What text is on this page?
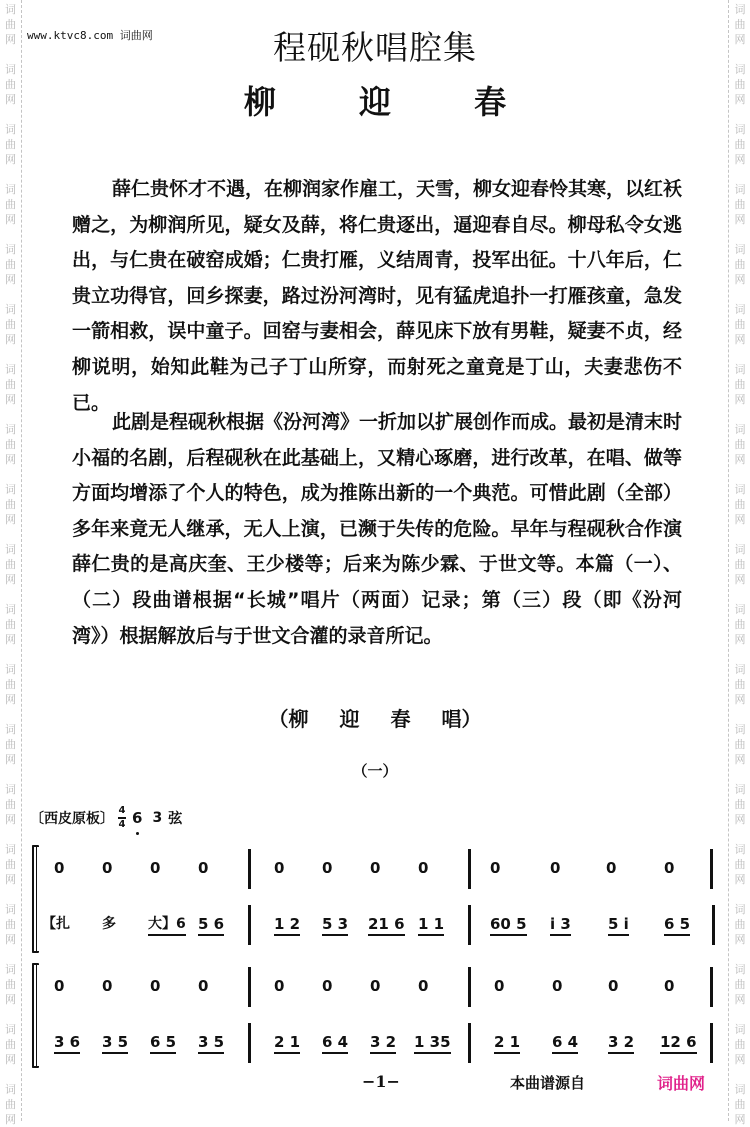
词
曲
网
词
曲
网
词
曲
网
词
曲
网
词
曲
网
词
曲
网
词
曲
网
词
曲
网
词
曲
网
词
曲
网
词
曲
网
词
曲
网
词
曲
网
词
曲
网
词
曲
网
词
曲
网
词
曲
网
词
曲
网
词
曲
网
词
曲
网
词
曲
网
词
曲
网
词
曲
网
词
曲
网
词
曲
网
词
曲
网
词
曲
网
词
曲
网
词
曲
网
词
曲
网
词
曲
网
词
曲
网
词
曲
网
词
曲
网
词
曲
网
词
曲
网
词
曲
网
词
曲
网
www.ktvc8.com 词曲网	程砚秋唱腔集
柳	迎	春
薛仁贵怀才不遇，在柳润家作雇工，天雪，柳女迎春怜其寒，以红袄赠之，为柳润所见，疑女及薛，将仁贵逐出，逼迎春自尽。柳母私令女逃出，与仁贵在破窑成婚；仁贵打雁，义结周青，投军出征。十八年后，仁贵立功得官，回乡探妻，路过汾河湾时，见有猛虎追扑一打雁孩童，急发一箭相救，误中童子。回窑与妻相会，薛见床下放有男鞋，疑妻不贞，经柳说明，始知此鞋为己子丁山所穿，而射死之童竟是丁山，夫妻悲伤不已。
此剧是程砚秋根据《汾河湾》一折加以扩展创作而成。最初是清末时小福的名剧，后程砚秋在此基础上，又精心琢磨，进行改革，在唱、做等方面均增添了个人的特色，成为推陈出新的一个典范。可惜此剧（全部）多年来竟无人继承，无人上演，已濒于失传的危险。早年与程砚秋合作演薛仁贵的是高庆奎、王少楼等；后来为陈少霖、于世文等。本篇（一）、（二）段曲谱根据“长城”唱片（两面）记录；第（三）段（即《汾河湾》）根据解放后与于世文合灌的录音所记。
（柳 迎 春 唱）
（一）
〔西皮原板〕
4
4 6 3 弦
0	0	0	0	0	0	0	0	0	0	0	0
【扎 多 大】6 5 6	1 2 5 3 21 6 1 1	60 5 i 3 5 i 6 5
0	0	0	0	0	0	0	0	0	0	0	0
3 6 3 5 6 5 3 5	2 1 6 4 3 2 1 35	2 1 6 4 3 2 12 6
−1−	本曲谱源自	词曲网
